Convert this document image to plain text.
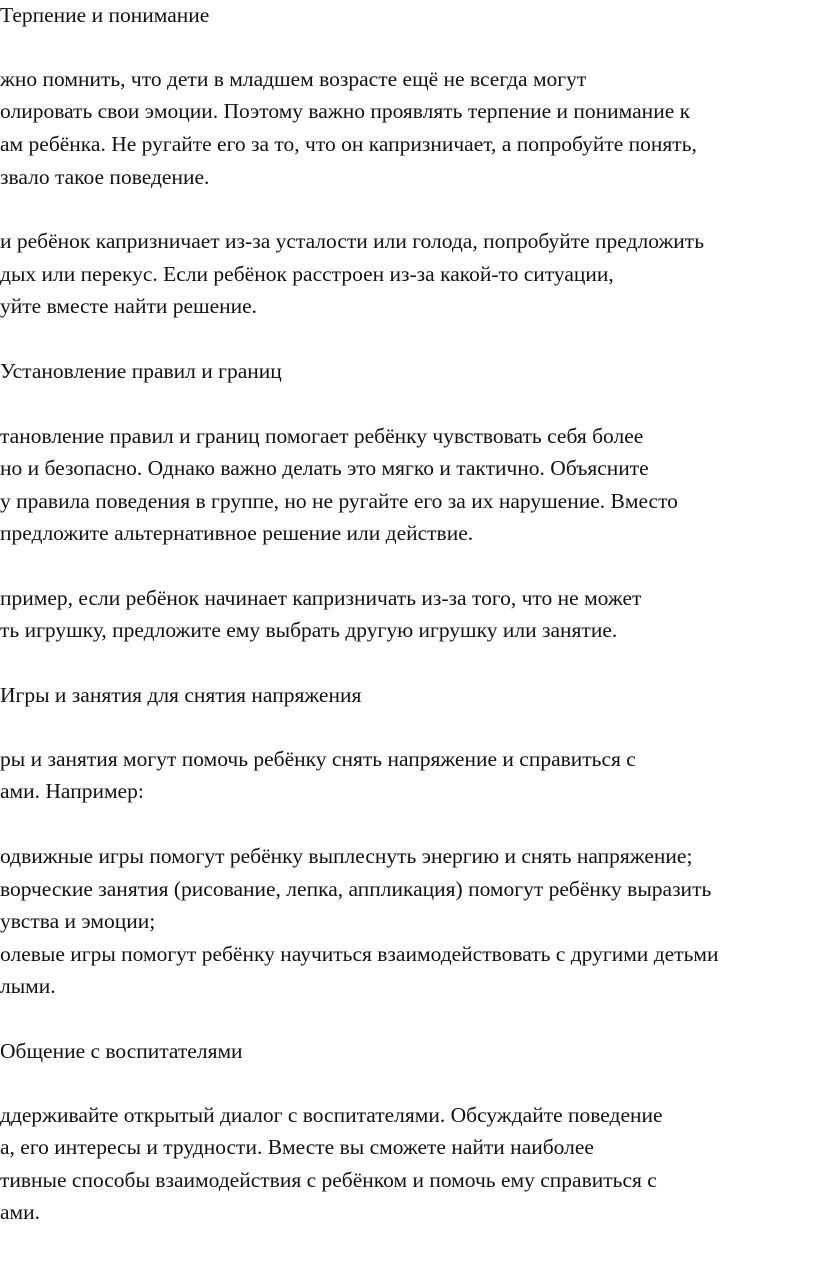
Терпение и понимание
жно помнить, что дети в младшем возрасте ещё не всегда могут
олировать свои эмоции. Поэтому важно проявлять терпение и понимание к
ам ребёнка. Не ругайте его за то, что он капризничает, а попробуйте понять,
звало такое поведение.
и ребёнок капризничает из-за усталости или голода, попробуйте предложить
дых или перекус. Если ребёнок расстроен из-за какой-то ситуации,
уйте вместе найти решение.
Установление правил и границ
тановление правил и границ помогает ребёнку чувствовать себя более
но и безопасно. Однако важно делать это мягко и тактично. Объясните
у правила поведения в группе, но не ругайте его за их нарушение. Вместо
предложите альтернативное решение или действие.
пример, если ребёнок начинает капризничать из-за того, что не может
ть игрушку, предложите ему выбрать другую игрушку или занятие.
Игры и занятия для снятия напряжения
ры и занятия могут помочь ребёнку снять напряжение и справиться с
ами. Например:
одвижные игры помогут ребёнку выплеснуть энергию и снять напряжение;
ворческие занятия (рисование, лепка, аппликация) помогут ребёнку выразить
увства и эмоции;
олевые игры помогут ребёнку научиться взаимодействовать с другими детьми
лыми.
Общение с воспитателями
ддерживайте открытый диалог с воспитателями. Обсуждайте поведение
а, его интересы и трудности. Вместе вы сможете найти наиболее
тивные способы взаимодействия с ребёнком и помочь ему справиться с
ами.
